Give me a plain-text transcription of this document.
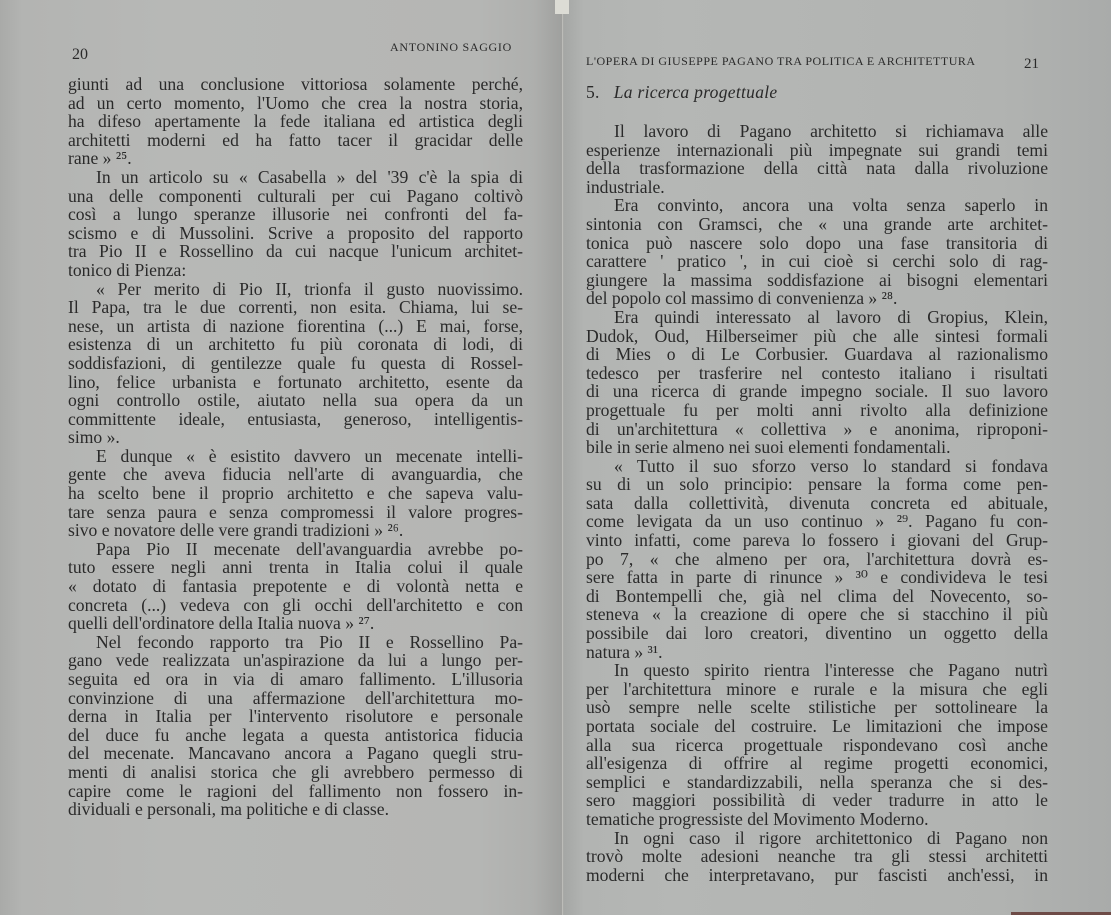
20	ANTONINO SAGGIO

giunti ad una conclusione vittoriosa solamente perché,
ad un certo momento, l'Uomo che crea la nostra storia,
ha difeso apertamente la fede italiana ed artistica degli
architetti moderni ed ha fatto tacer il gracidar delle
rane » ²⁵.

In un articolo su « Casabella » del '39 c'è la spia di
una delle componenti culturali per cui Pagano coltivò
così a lungo speranze illusorie nei confronti del fa-
scismo e di Mussolini. Scrive a proposito del rapporto
tra Pio II e Rossellino da cui nacque l'unicum architet-
tonico di Pienza:

« Per merito di Pio II, trionfa il gusto nuovissimo.
Il Papa, tra le due correnti, non esita. Chiama, lui se-
nese, un artista di nazione fiorentina (...) E mai, forse,
esistenza di un architetto fu più coronata di lodi, di
soddisfazioni, di gentilezze quale fu questa di Rossel-
lino, felice urbanista e fortunato architetto, esente da
ogni controllo ostile, aiutato nella sua opera da un
committente ideale, entusiasta, generoso, intelligentis-
simo ».

E dunque « è esistito davvero un mecenate intelli-
gente che aveva fiducia nell'arte di avanguardia, che
ha scelto bene il proprio architetto e che sapeva valu-
tare senza paura e senza compromessi il valore progres-
sivo e novatore delle vere grandi tradizioni » ²⁶.

Papa Pio II mecenate dell'avanguardia avrebbe po-
tuto essere negli anni trenta in Italia colui il quale
« dotato di fantasia prepotente e di volontà netta e
concreta (...) vedeva con gli occhi dell'architetto e con
quelli dell'ordinatore della Italia nuova » ²⁷.

Nel fecondo rapporto tra Pio II e Rossellino Pa-
gano vede realizzata un'aspirazione da lui a lungo per-
seguita ed ora in via di amaro fallimento. L'illusoria
convinzione di una affermazione dell'architettura mo-
derna in Italia per l'intervento risolutore e personale
del duce fu anche legata a questa antistorica fiducia
del mecenate. Mancavano ancora a Pagano quegli stru-
menti di analisi storica che gli avrebbero permesso di
capire come le ragioni del fallimento non fossero in-
dividuali e personali, ma politiche e di classe.

L'OPERA DI GIUSEPPE PAGANO TRA POLITICA E ARCHITETTURA	21
5. La ricerca progettuale

Il lavoro di Pagano architetto si richiamava alle
esperienze internazionali più impegnate sui grandi temi
della trasformazione della città nata dalla rivoluzione
industriale.

Era convinto, ancora una volta senza saperlo in
sintonia con Gramsci, che « una grande arte architet-
tonica può nascere solo dopo una fase transitoria di
carattere ' pratico ', in cui cioè si cerchi solo di rag-
giungere la massima soddisfazione ai bisogni elementari
del popolo col massimo di convenienza » ²⁸.

Era quindi interessato al lavoro di Gropius, Klein,
Dudok, Oud, Hilberseimer più che alle sintesi formali
di Mies o di Le Corbusier. Guardava al razionalismo
tedesco per trasferire nel contesto italiano i risultati
di una ricerca di grande impegno sociale. Il suo lavoro
progettuale fu per molti anni rivolto alla definizione
di un'architettura « collettiva » e anonima, riproponi-
bile in serie almeno nei suoi elementi fondamentali.

« Tutto il suo sforzo verso lo standard si fondava
su di un solo principio: pensare la forma come pen-
sata dalla collettività, divenuta concreta ed abituale,
come levigata da un uso continuo » ²⁹. Pagano fu con-
vinto infatti, come pareva lo fossero i giovani del Grup-
po 7, « che almeno per ora, l'architettura dovrà es-
sere fatta in parte di rinunce » ³⁰ e condivideva le tesi
di Bontempelli che, già nel clima del Novecento, so-
steneva « la creazione di opere che si stacchino il più
possibile dai loro creatori, diventino un oggetto della
natura » ³¹.

In questo spirito rientra l'interesse che Pagano nutrì
per l'architettura minore e rurale e la misura che egli
usò sempre nelle scelte stilistiche per sottolineare la
portata sociale del costruire. Le limitazioni che impose
alla sua ricerca progettuale rispondevano così anche
all'esigenza di offrire al regime progetti economici,
semplici e standardizzabili, nella speranza che si des-
sero maggiori possibilità di veder tradurre in atto le
tematiche progressiste del Movimento Moderno.

In ogni caso il rigore architettonico di Pagano non
trovò molte adesioni neanche tra gli stessi architetti
moderni che interpretavano, pur fascisti anch'essi, in
